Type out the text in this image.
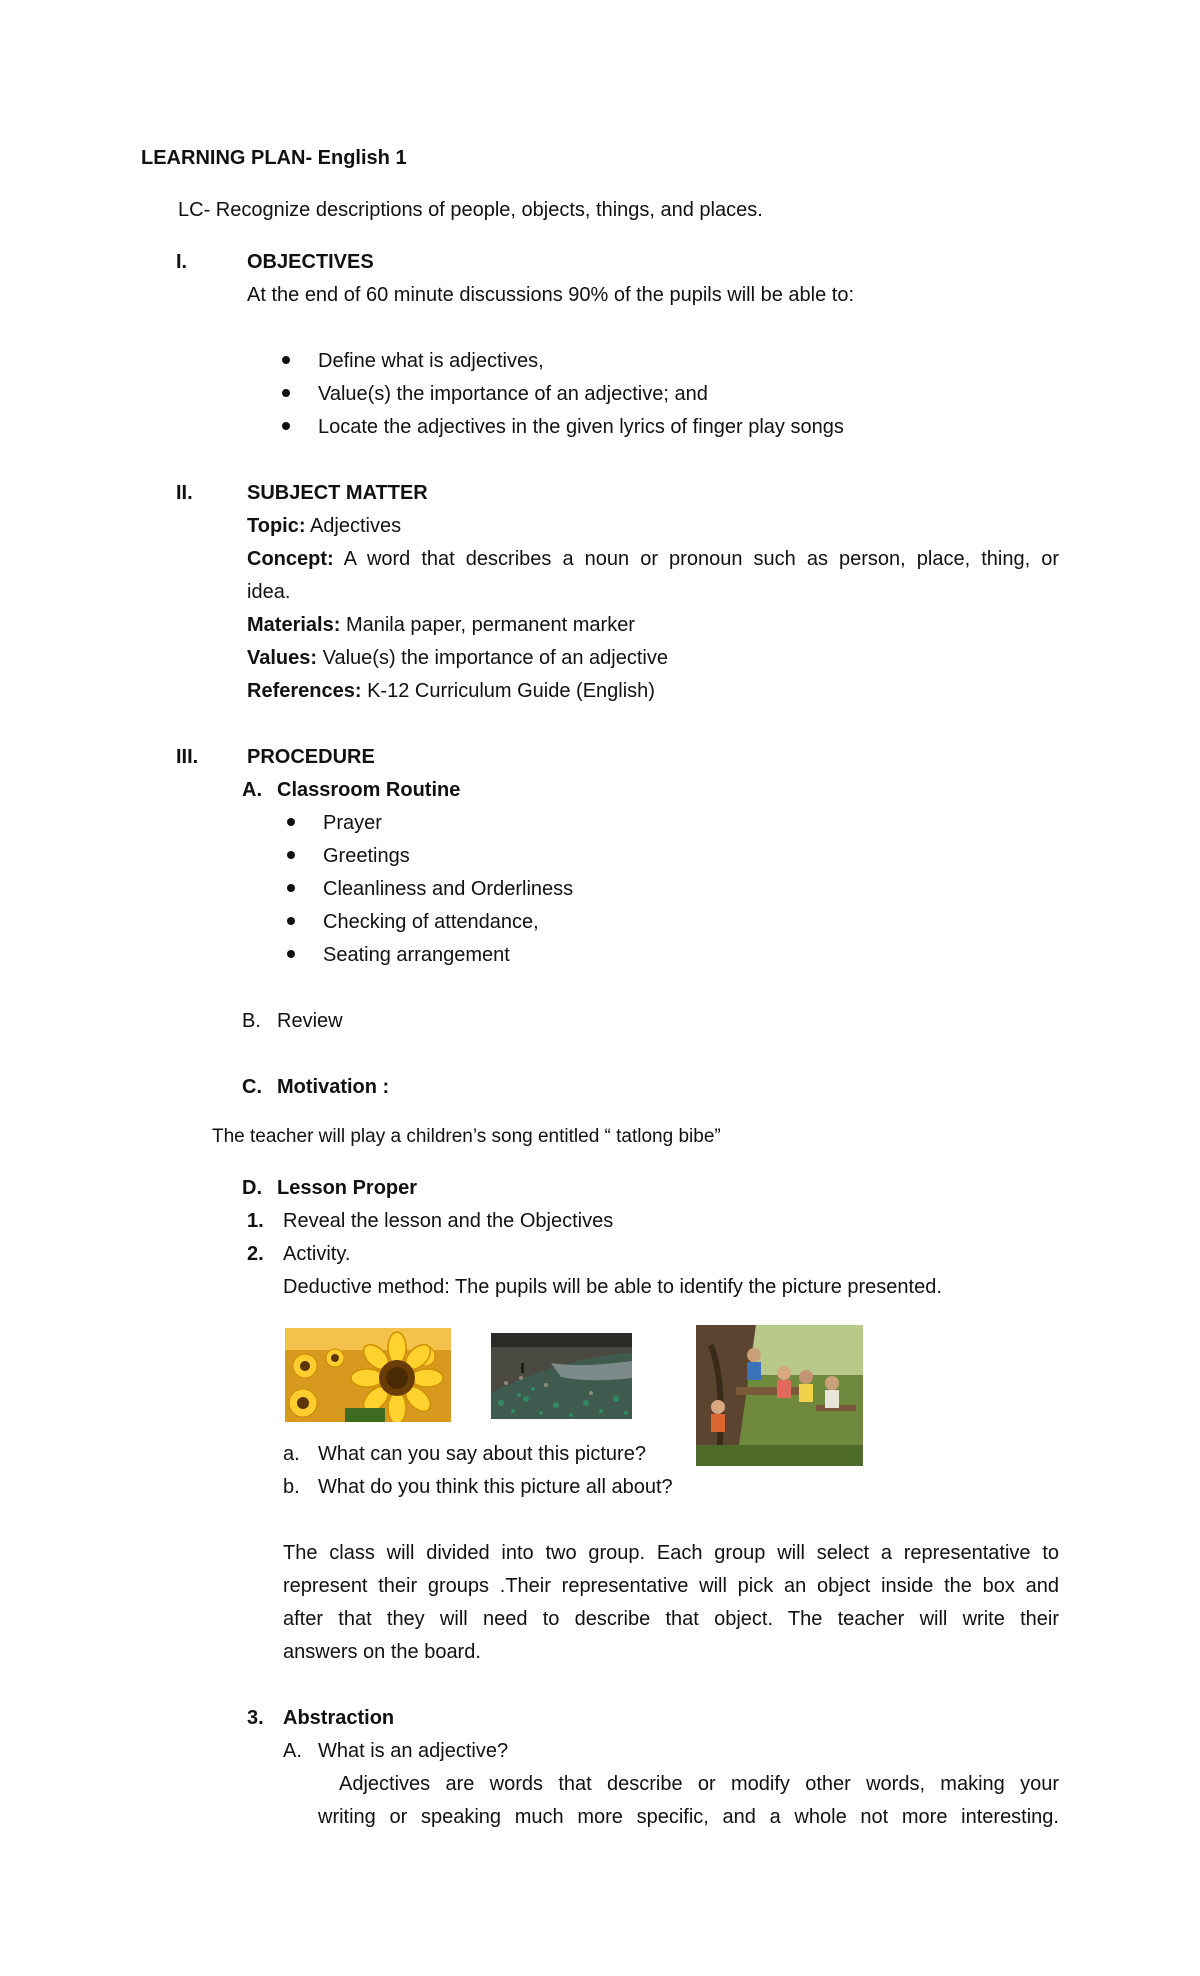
LEARNING PLAN- English 1
LC- Recognize descriptions of people, objects, things, and places.
I.	OBJECTIVES
At the end of 60 minute discussions 90% of the pupils will be able to:
Define what is adjectives,
Value(s) the importance of an adjective; and
Locate the adjectives in the given lyrics of finger play songs
II.	SUBJECT MATTER
Topic: Adjectives
Concept: A word that describes a noun or pronoun such as person, place, thing, or
idea.
Materials: Manila paper, permanent marker
Values: Value(s) the importance of an adjective
References: K-12 Curriculum Guide (English)
III. PROCEDURE
A. Classroom Routine
Prayer
Greetings
Cleanliness and Orderliness
Checking of attendance,
Seating arrangement
B. Review
C. Motivation :
The teacher will play a children’s song entitled “ tatlong bibe”
D. Lesson Proper
1. Reveal the lesson and the Objectives
2. Activity.
Deductive method: The pupils will be able to identify the picture presented.
a. What can you say about this picture?
b. What do you think this picture all about?
The class will divided into two group. Each group will select a representative to
represent their groups .Their representative will pick an object inside the box and
after that they will need to describe that object. The teacher will write their
answers on the board.
3. Abstraction
A. What is an adjective?
Adjectives are words that describe or modify other words, making your
writing or speaking much more specific, and a whole not more interesting.
